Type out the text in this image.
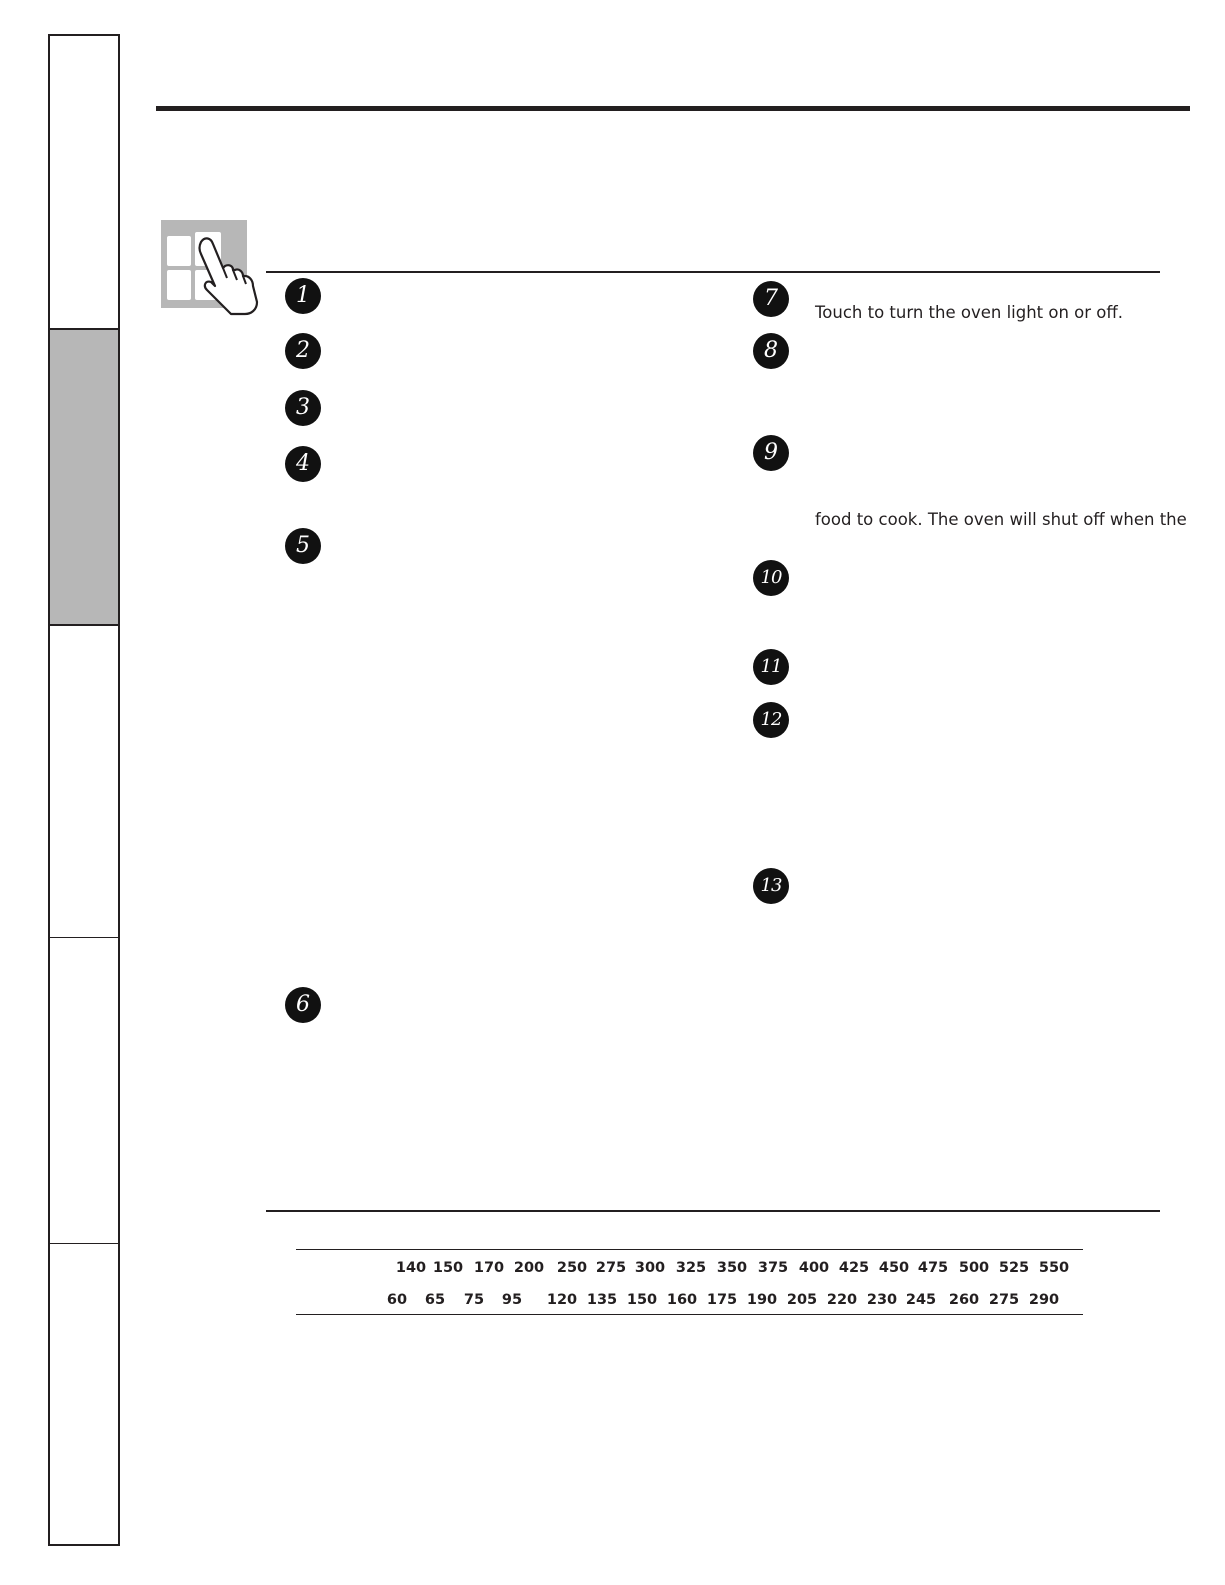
1
2
3
4
5
6
7
Touch to turn the oven light on or off.
8
9
food to cook. The oven will shut off when the
10
11
12
13
140 150 170 200 250 275 300 325 350 375 400 425 450 475 500 525 550
60 65 75 95 120 135 150 160 175 190 205 220 230 245 260 275 290
